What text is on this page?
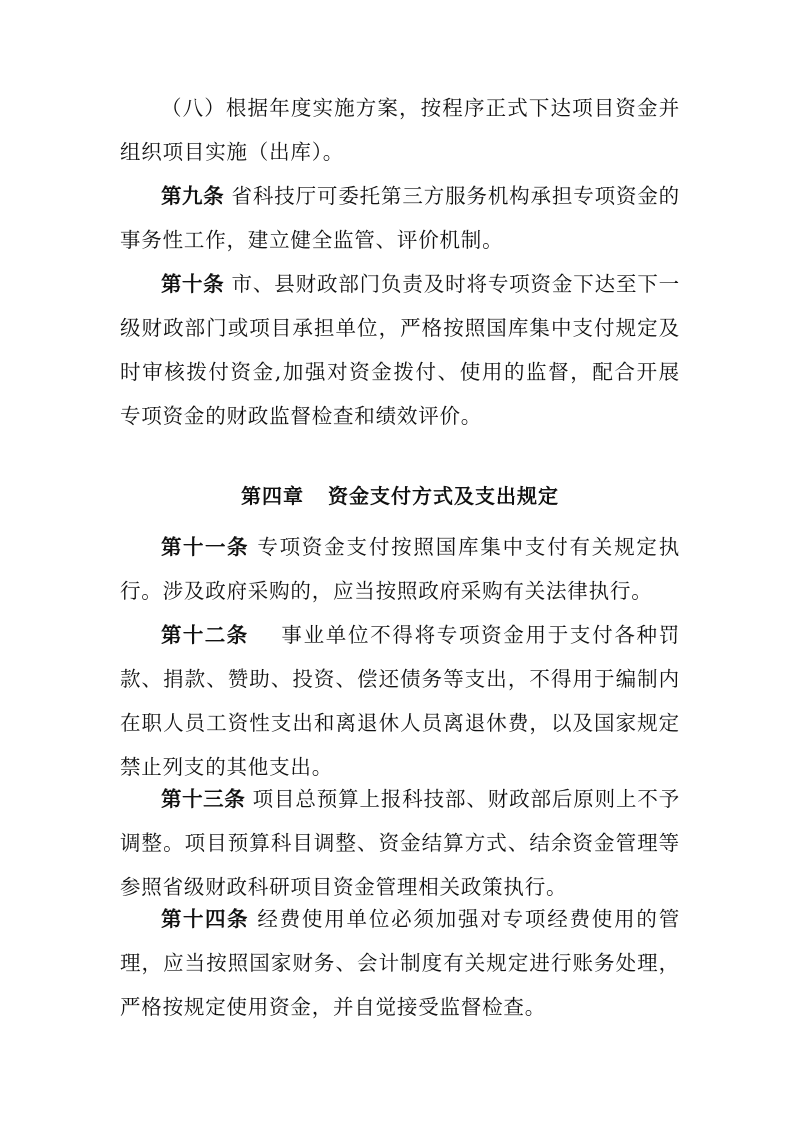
（八）根据年度实施方案，按程序正式下达项目资金并组织项目实施（出库）。

第九条 省科技厅可委托第三方服务机构承担专项资金的事务性工作，建立健全监管、评价机制。

第十条 市、县财政部门负责及时将专项资金下达至下一级财政部门或项目承担单位，严格按照国库集中支付规定及时审核拨付资金,加强对资金拨付、使用的监督，配合开展专项资金的财政监督检查和绩效评价。

第四章 资金支付方式及支出规定

第十一条 专项资金支付按照国库集中支付有关规定执行。涉及政府采购的，应当按照政府采购有关法律执行。

第十二条 事业单位不得将专项资金用于支付各种罚款、捐款、赞助、投资、偿还债务等支出，不得用于编制内在职人员工资性支出和离退休人员离退休费，以及国家规定禁止列支的其他支出。

第十三条 项目总预算上报科技部、财政部后原则上不予调整。项目预算科目调整、资金结算方式、结余资金管理等参照省级财政科研项目资金管理相关政策执行。

第十四条 经费使用单位必须加强对专项经费使用的管理，应当按照国家财务、会计制度有关规定进行账务处理，严格按规定使用资金，并自觉接受监督检查。
